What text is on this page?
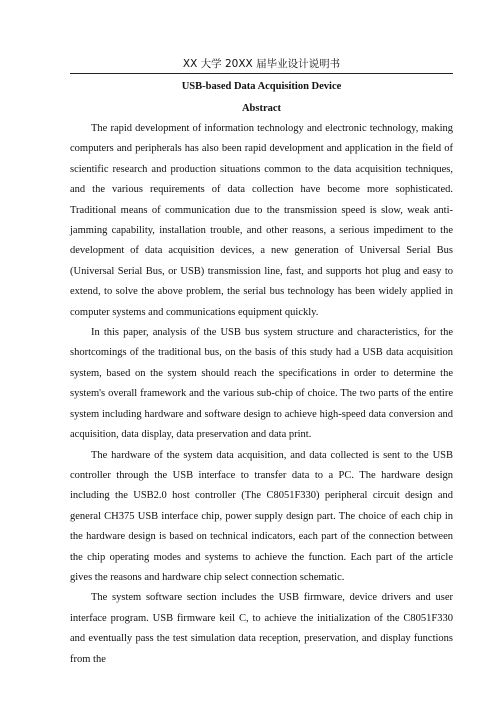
XX 大学 20XX 届毕业设计说明书

USB-based Data Acquisition Device

Abstract

The rapid development of information technology and electronic technology, making computers and peripherals has also been rapid development and application in the field of scientific research and production situations common to the data acquisition techniques, and the various requirements of data collection have become more sophisticated. Traditional means of communication due to the transmission speed is slow, weak anti-jamming capability, installation trouble, and other reasons, a serious impediment to the development of data acquisition devices, a new generation of Universal Serial Bus (Universal Serial Bus, or USB) transmission line, fast, and supports hot plug and easy to extend, to solve the above problem, the serial bus technology has been widely applied in computer systems and communications equipment quickly.

In this paper, analysis of the USB bus system structure and characteristics, for the shortcomings of the traditional bus, on the basis of this study had a USB data acquisition system, based on the system should reach the specifications in order to determine the system's overall framework and the various sub-chip of choice. The two parts of the entire system including hardware and software design to achieve high-speed data conversion and acquisition, data display, data preservation and data print.

The hardware of the system data acquisition, and data collected is sent to the USB controller through the USB interface to transfer data to a PC. The hardware design including the USB2.0 host controller (The C8051F330) peripheral circuit design and general CH375 USB interface chip, power supply design part. The choice of each chip in the hardware design is based on technical indicators, each part of the connection between the chip operating modes and systems to achieve the function. Each part of the article gives the reasons and hardware chip select connection schematic.

The system software section includes the USB firmware, device drivers and user interface program. USB firmware keil C, to achieve the initialization of the C8051F330 and eventually pass the test simulation data reception, preservation, and display functions from the
